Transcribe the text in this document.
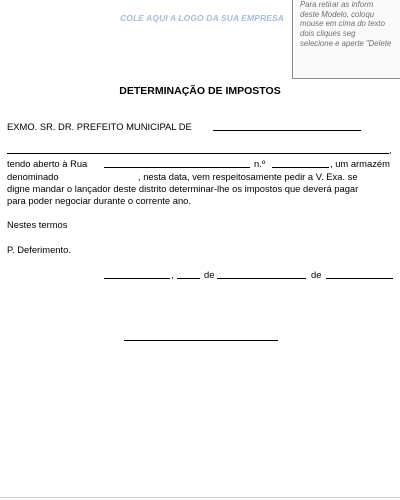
COLE AQUI A LOGO DA SUA EMPRESA
Para retirar as inform
deste Modelo, coloqu
mouse em cima do texto
dois cliques seg
selecione e aperte "Delete
DETERMINAÇÃO DE IMPOSTOS
EXMO. SR. DR. PREFEITO MUNICIPAL DE
,
tendo aberto à Rua	n.º	, um armazém
denominado	, nesta data, vem respeitosamente pedir a V. Exa. se
digne mandar o lançador deste distrito determinar-lhe os impostos que deverá pagar
para poder negociar durante o corrente ano.
Nestes termos
P. Deferimento.
,	de	de
